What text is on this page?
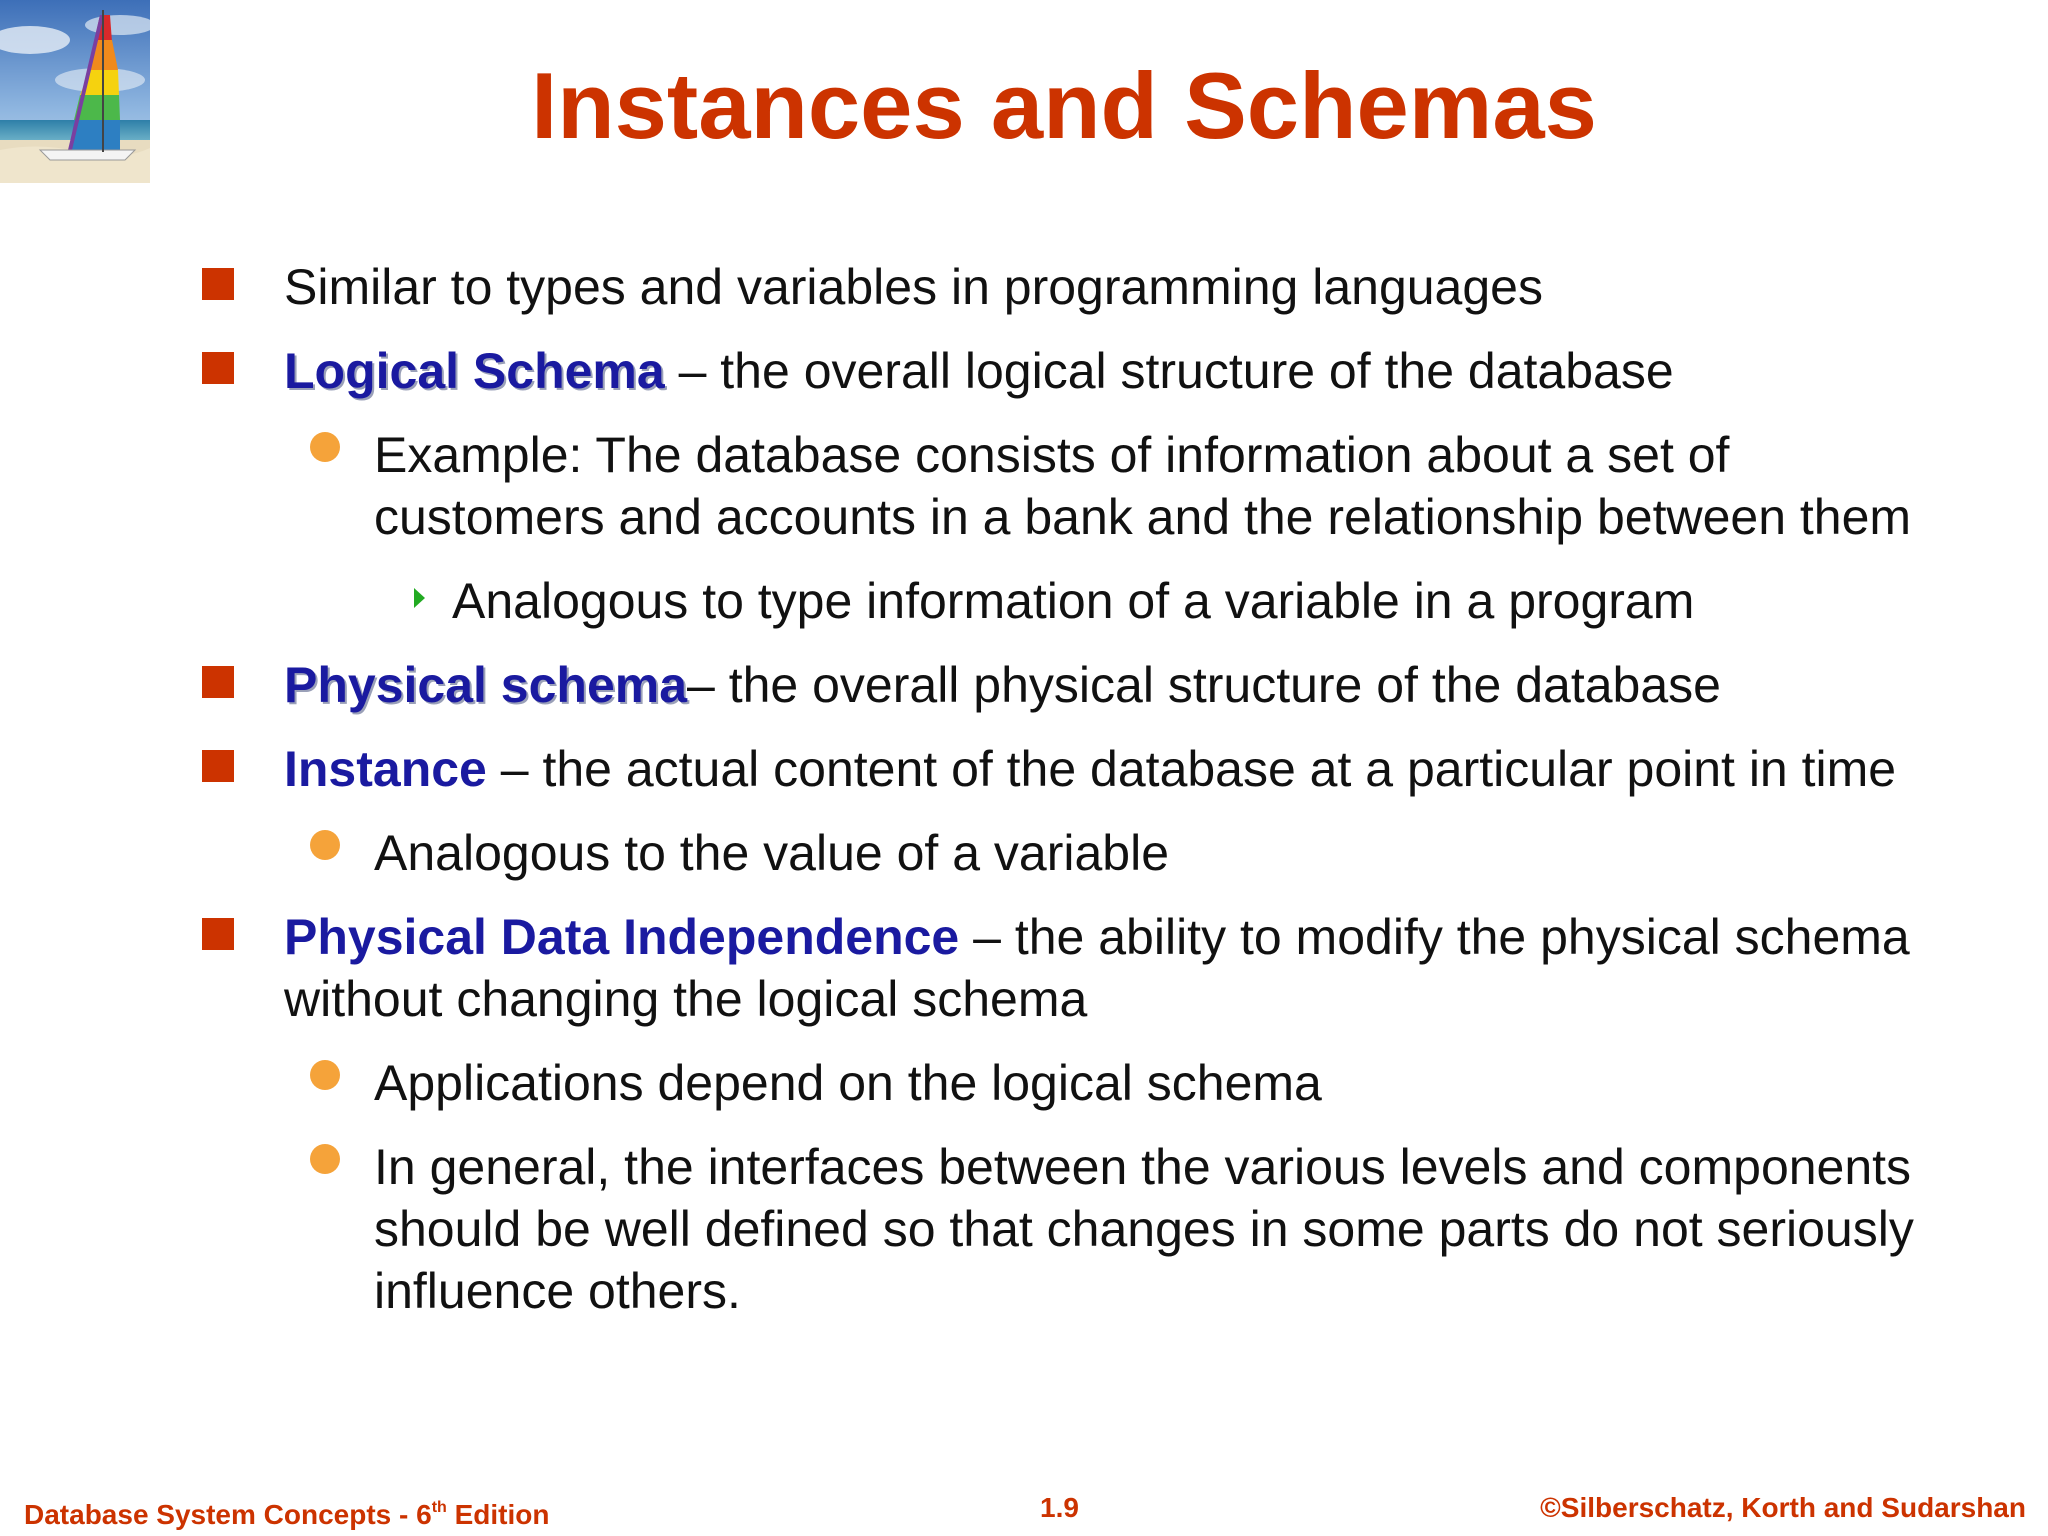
Instances and Schemas
Similar to types and variables in programming languages
Logical Schema – the overall logical structure of the database
Example: The database consists of information about a set of
customers and accounts in a bank and the relationship between them
Analogous to type information of a variable in a program
Physical schema– the overall physical structure of the database
Instance – the actual content of the database at a particular point in time
Analogous to the value of a variable
Physical Data Independence – the ability to modify the physical schema
without changing the logical schema
Applications depend on the logical schema
In general, the interfaces between the various levels and components
should be well defined so that changes in some parts do not seriously
influence others.
Database System Concepts - 6th Edition	1.9	©Silberschatz, Korth and Sudarshan
